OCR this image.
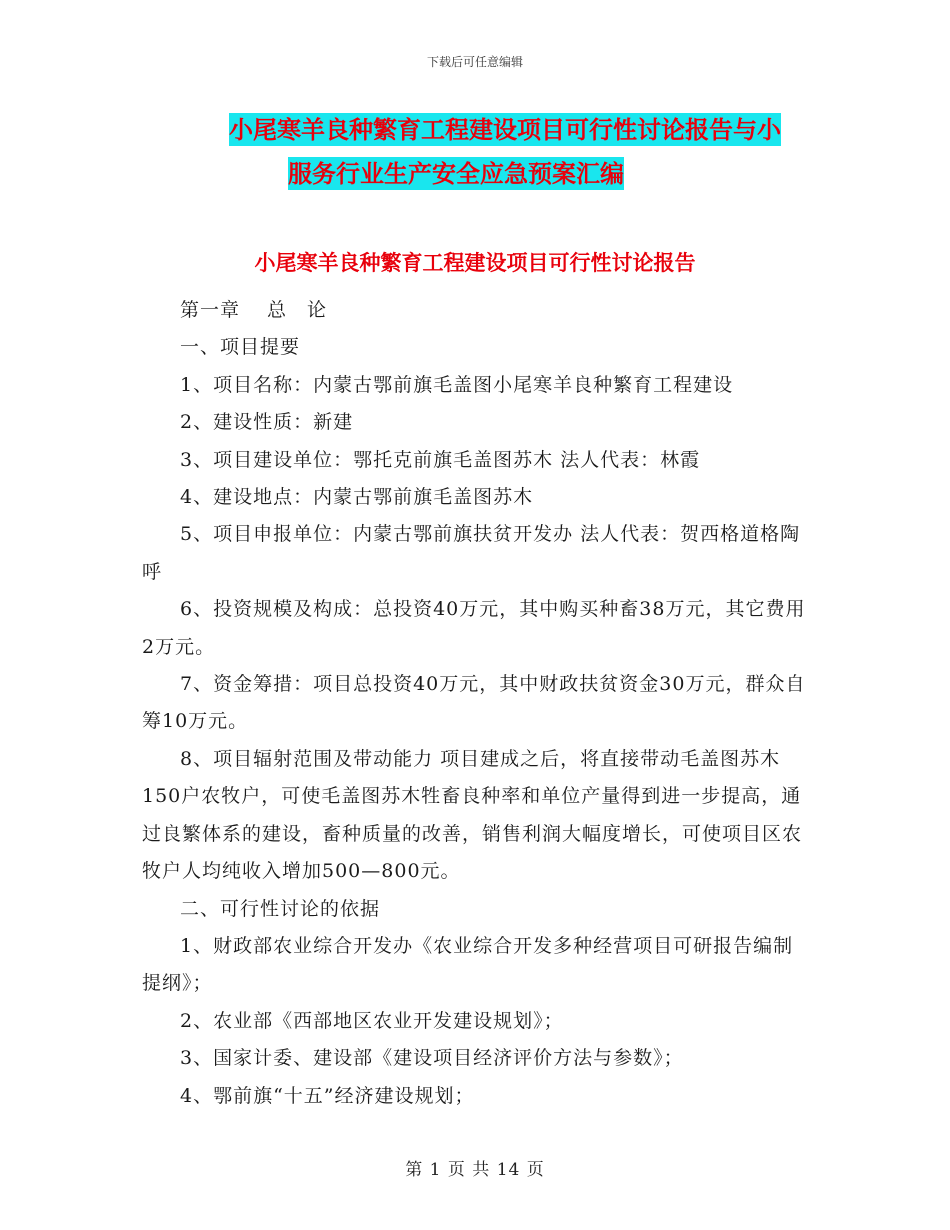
下载后可任意编辑
小尾寒羊良种繁育工程建设项目可行性讨论报告与小
服务行业生产安全应急预案汇编
小尾寒羊良种繁育工程建设项目可行性讨论报告

第一章　 总　论

一、项目提要

1、项目名称：内蒙古鄂前旗毛盖图小尾寒羊良种繁育工程建设

2、建设性质：新建

3、项目建设单位：鄂托克前旗毛盖图苏木 法人代表：林霞

4、建设地点：内蒙古鄂前旗毛盖图苏木

5、项目申报单位：内蒙古鄂前旗扶贫开发办 法人代表：贺西格道格陶呼

6、投资规模及构成：总投资40万元，其中购买种畜38万元，其它费用2万元。

7、资金筹措：项目总投资40万元，其中财政扶贫资金30万元，群众自筹10万元。

8、项目辐射范围及带动能力 项目建成之后，将直接带动毛盖图苏木150户农牧户，可使毛盖图苏木牲畜良种率和单位产量得到进一步提高，通过良繁体系的建设，畜种质量的改善，销售利润大幅度增长，可使项目区农牧户人均纯收入增加500—800元。

二、可行性讨论的依据

1、财政部农业综合开发办《农业综合开发多种经营项目可研报告编制提纲》；

2、农业部《西部地区农业开发建设规划》；

3、国家计委、建设部《建设项目经济评价方法与参数》；

4、鄂前旗“十五”经济建设规划；

第 1 页 共 14 页
